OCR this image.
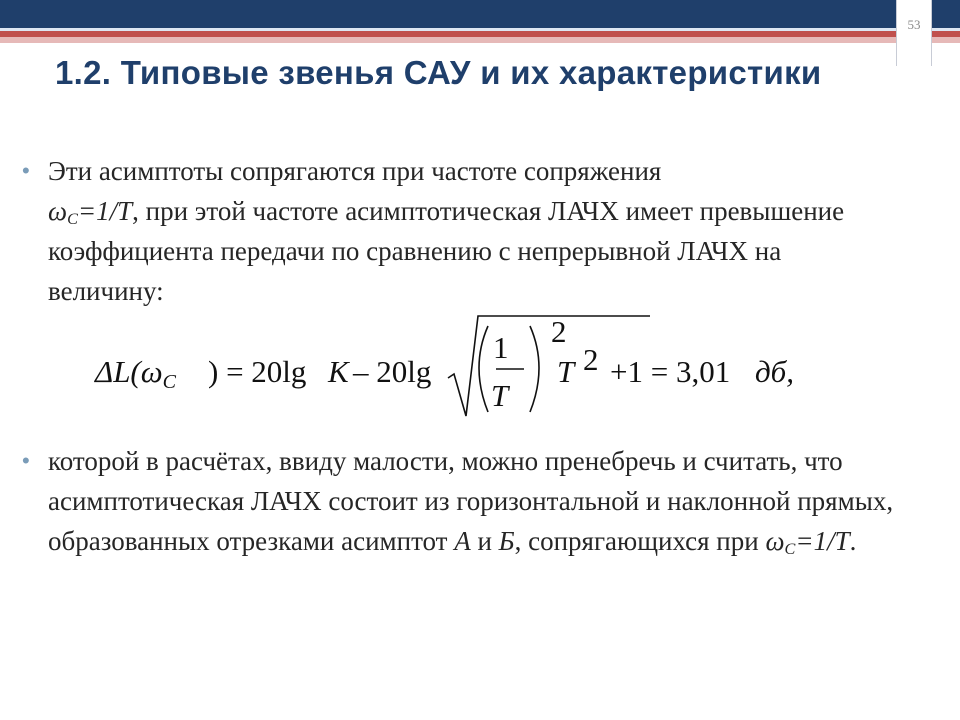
53
1.2. Типовые звенья САУ и их характеристики
• Эти асимптоты сопрягаются при частоте сопряжения
$\omega_C=1/T$, при этой частоте асимптотическая ЛАЧХ имеет превышение коэффициента передачи по сравнению с непрерывной ЛАЧХ на величину:
ΔL(ωC ) = 20lg K – 20lg
1
T
2
T 2 +1 = 3,01 дб,
• которой в расчётах, ввиду малости, можно пренебречь и считать, что асимптотическая ЛАЧХ состоит из горизонтальной и наклонной прямых, образованных отрезками асимптот А и Б, сопрягающихся при $\omega_C=1/T$.
